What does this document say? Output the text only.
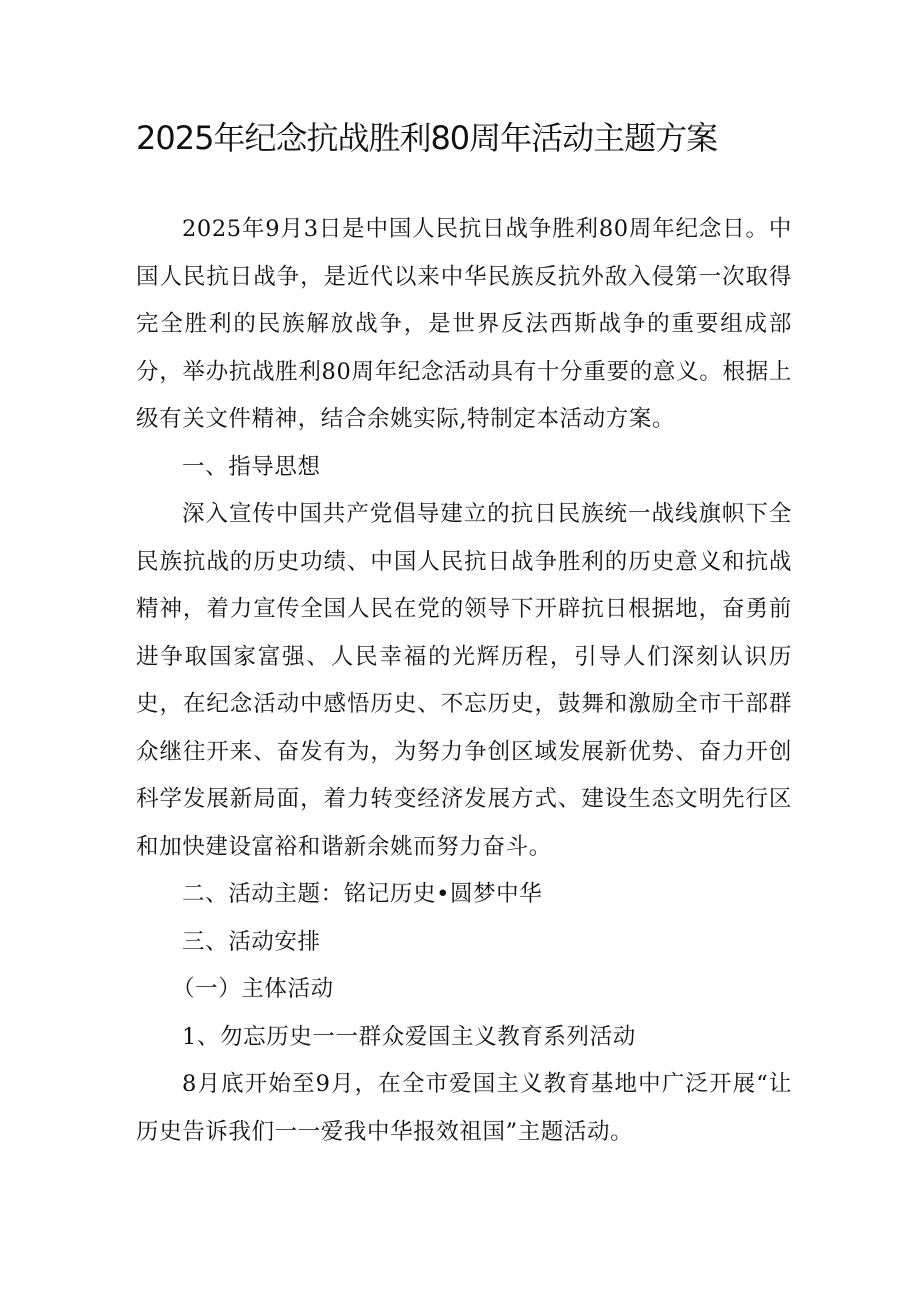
2025年纪念抗战胜利80周年活动主题方案

2025年9月3日是中国人民抗日战争胜利80周年纪念日。中国人民抗日战争，是近代以来中华民族反抗外敌入侵第一次取得完全胜利的民族解放战争，是世界反法西斯战争的重要组成部分，举办抗战胜利80周年纪念活动具有十分重要的意义。根据上级有关文件精神，结合余姚实际,特制定本活动方案。

一、指导思想

深入宣传中国共产党倡导建立的抗日民族统一战线旗帜下全民族抗战的历史功绩、中国人民抗日战争胜利的历史意义和抗战精神，着力宣传全国人民在党的领导下开辟抗日根据地，奋勇前进争取国家富强、人民幸福的光辉历程，引导人们深刻认识历史，在纪念活动中感悟历史、不忘历史，鼓舞和激励全市干部群众继往开来、奋发有为，为努力争创区域发展新优势、奋力开创科学发展新局面，着力转变经济发展方式、建设生态文明先行区和加快建设富裕和谐新余姚而努力奋斗。

二、活动主题：铭记历史•圆梦中华

三、活动安排

（一）主体活动

1、勿忘历史一一群众爱国主义教育系列活动

8月底开始至9月，在全市爱国主义教育基地中广泛开展“让历史告诉我们一一爱我中华报效祖国”主题活动。
